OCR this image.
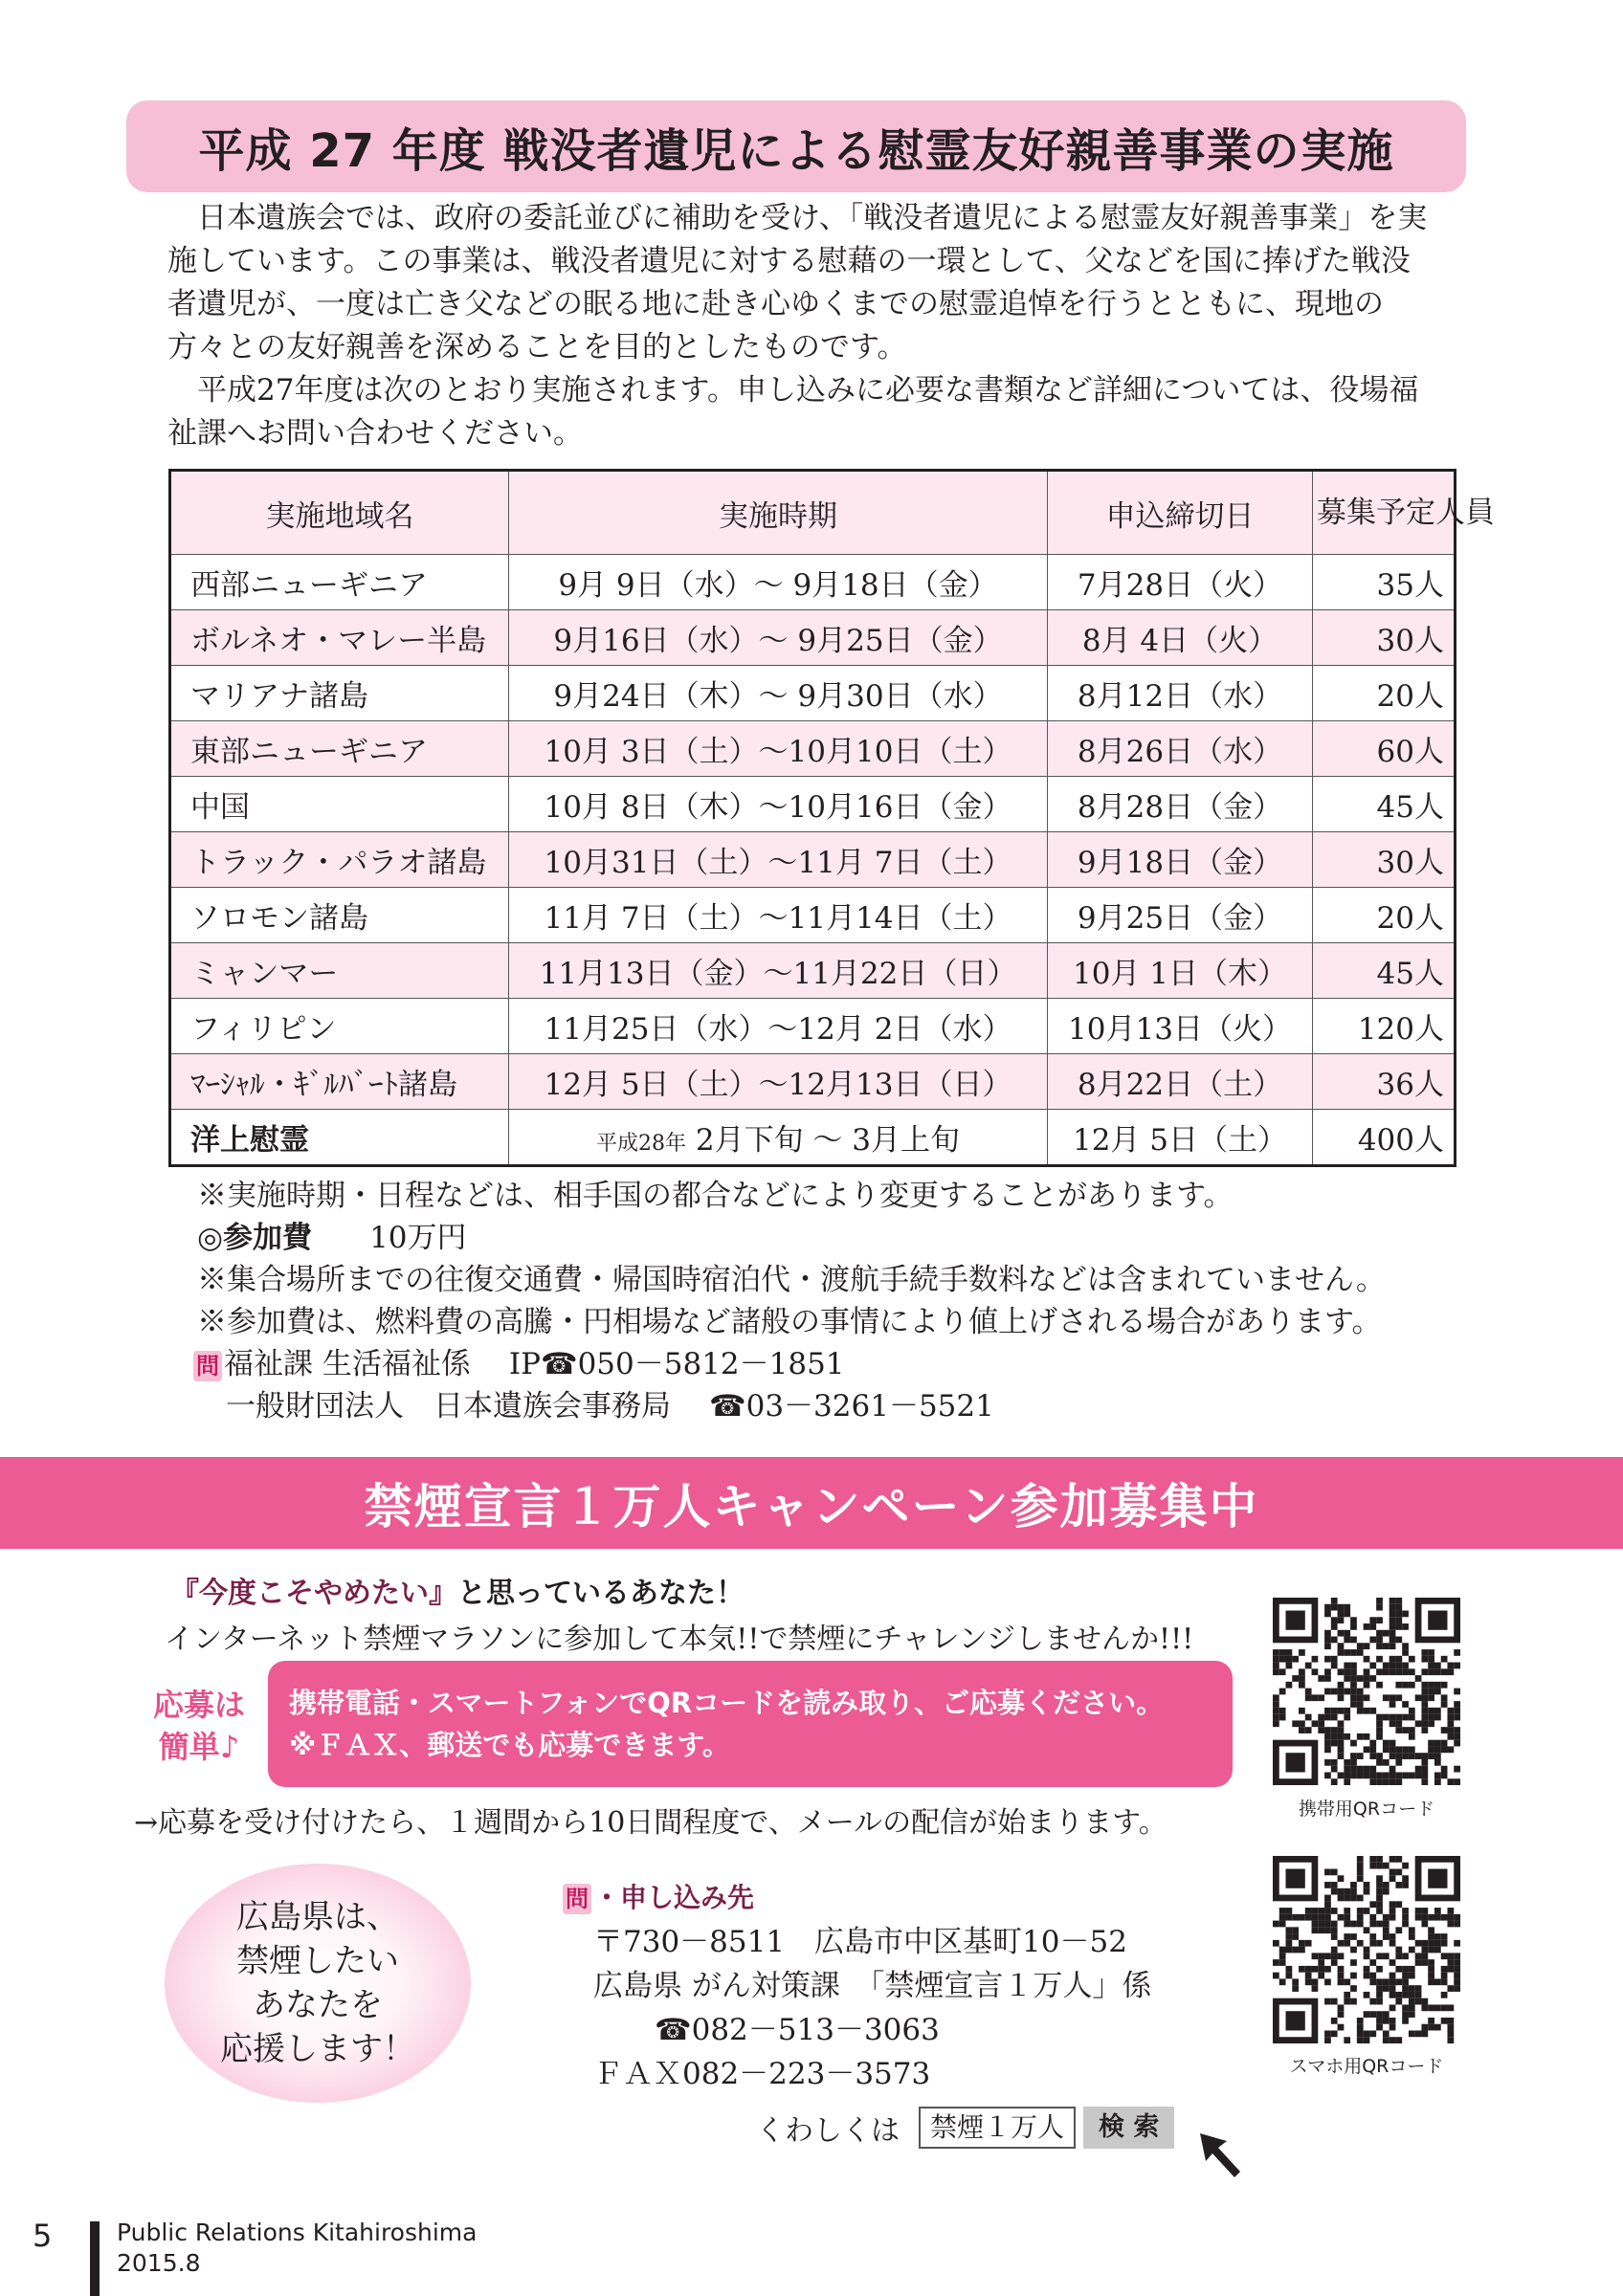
平成 27 年度 戦没者遺児による慰霊友好親善事業の実施

日本遺族会では、政府の委託並びに補助を受け、「戦没者遺児による慰霊友好親善事業」を実施しています。この事業は、戦没者遺児に対する慰藉の一環として、父などを国に捧げた戦没者遺児が、一度は亡き父などの眠る地に赴き心ゆくまでの慰霊追悼を行うとともに、現地の方々との友好親善を深めることを目的としたものです。

平成27年度は次のとおり実施されます。申し込みに必要な書類など詳細については、役場福祉課へお問い合わせください。

実施地域名	実施時期	申込締切日	募集予定人員
西部ニューギニア	9月 9日（水）～ 9月18日（金）	7月28日（火）	35人
ボルネオ・マレー半島	9月16日（水）～ 9月25日（金）	8月 4日（火）	30人
マリアナ諸島	9月24日（木）～ 9月30日（水）	8月12日（水）	20人
東部ニューギニア	10月 3日（土）～10月10日（土）	8月26日（水）	60人
中国	10月 8日（木）～10月16日（金）	8月28日（金）	45人
トラック・パラオ諸島	10月31日（土）～11月 7日（土）	9月18日（金）	30人
ソロモン諸島	11月 7日（土）～11月14日（土）	9月25日（金）	20人
ミャンマー	11月13日（金）～11月22日（日）	10月 1日（木）	45人
フィリピン	11月25日（水）～12月 2日（水）	10月13日（火）	120人
ﾏｰｼｬﾙ・ｷﾞﾙﾊﾞｰﾄ諸島	12月 5日（土）～12月13日（日）	8月22日（土）	36人
洋上慰霊	平成28年 2月下旬 ～ 3月上旬	12月 5日（土）	400人
※実施時期・日程などは、相手国の都合などにより変更することがあります。
◎参加費 10万円
※集合場所までの往復交通費・帰国時宿泊代・渡航手続手数料などは含まれていません。
※参加費は、燃料費の高騰・円相場など諸般の事情により値上げされる場合があります。
問 福祉課 生活福祉係 IP☎050－5812－1851
一般財団法人　日本遺族会事務局 ☎03－3261－5521
禁煙宣言１万人キャンペーン参加募集中
『今度こそやめたい』と思っているあなた！
インターネット禁煙マラソンに参加して本気!!で禁煙にチャレンジしませんか!!!
応募は
簡単♪
携帯電話・スマートフォンでQRコードを読み取り、ご応募ください。
※ＦＡＸ、郵送でも応募できます。
→応募を受け付けたら、１週間から10日間程度で、メールの配信が始まります。	携帯用QRコード
スマホ用QRコード
広島県は、
禁煙したい
あなたを
応援します！
問 ・申し込み先
〒730－8511　広島市中区基町10－52
広島県 がん対策課　「禁煙宣言１万人」係
☎082－513－3063
ＦＡＸ082－223－3573
くわしくは	禁煙１万人	検 索
5	Public Relations Kitahiroshima
2015.8
